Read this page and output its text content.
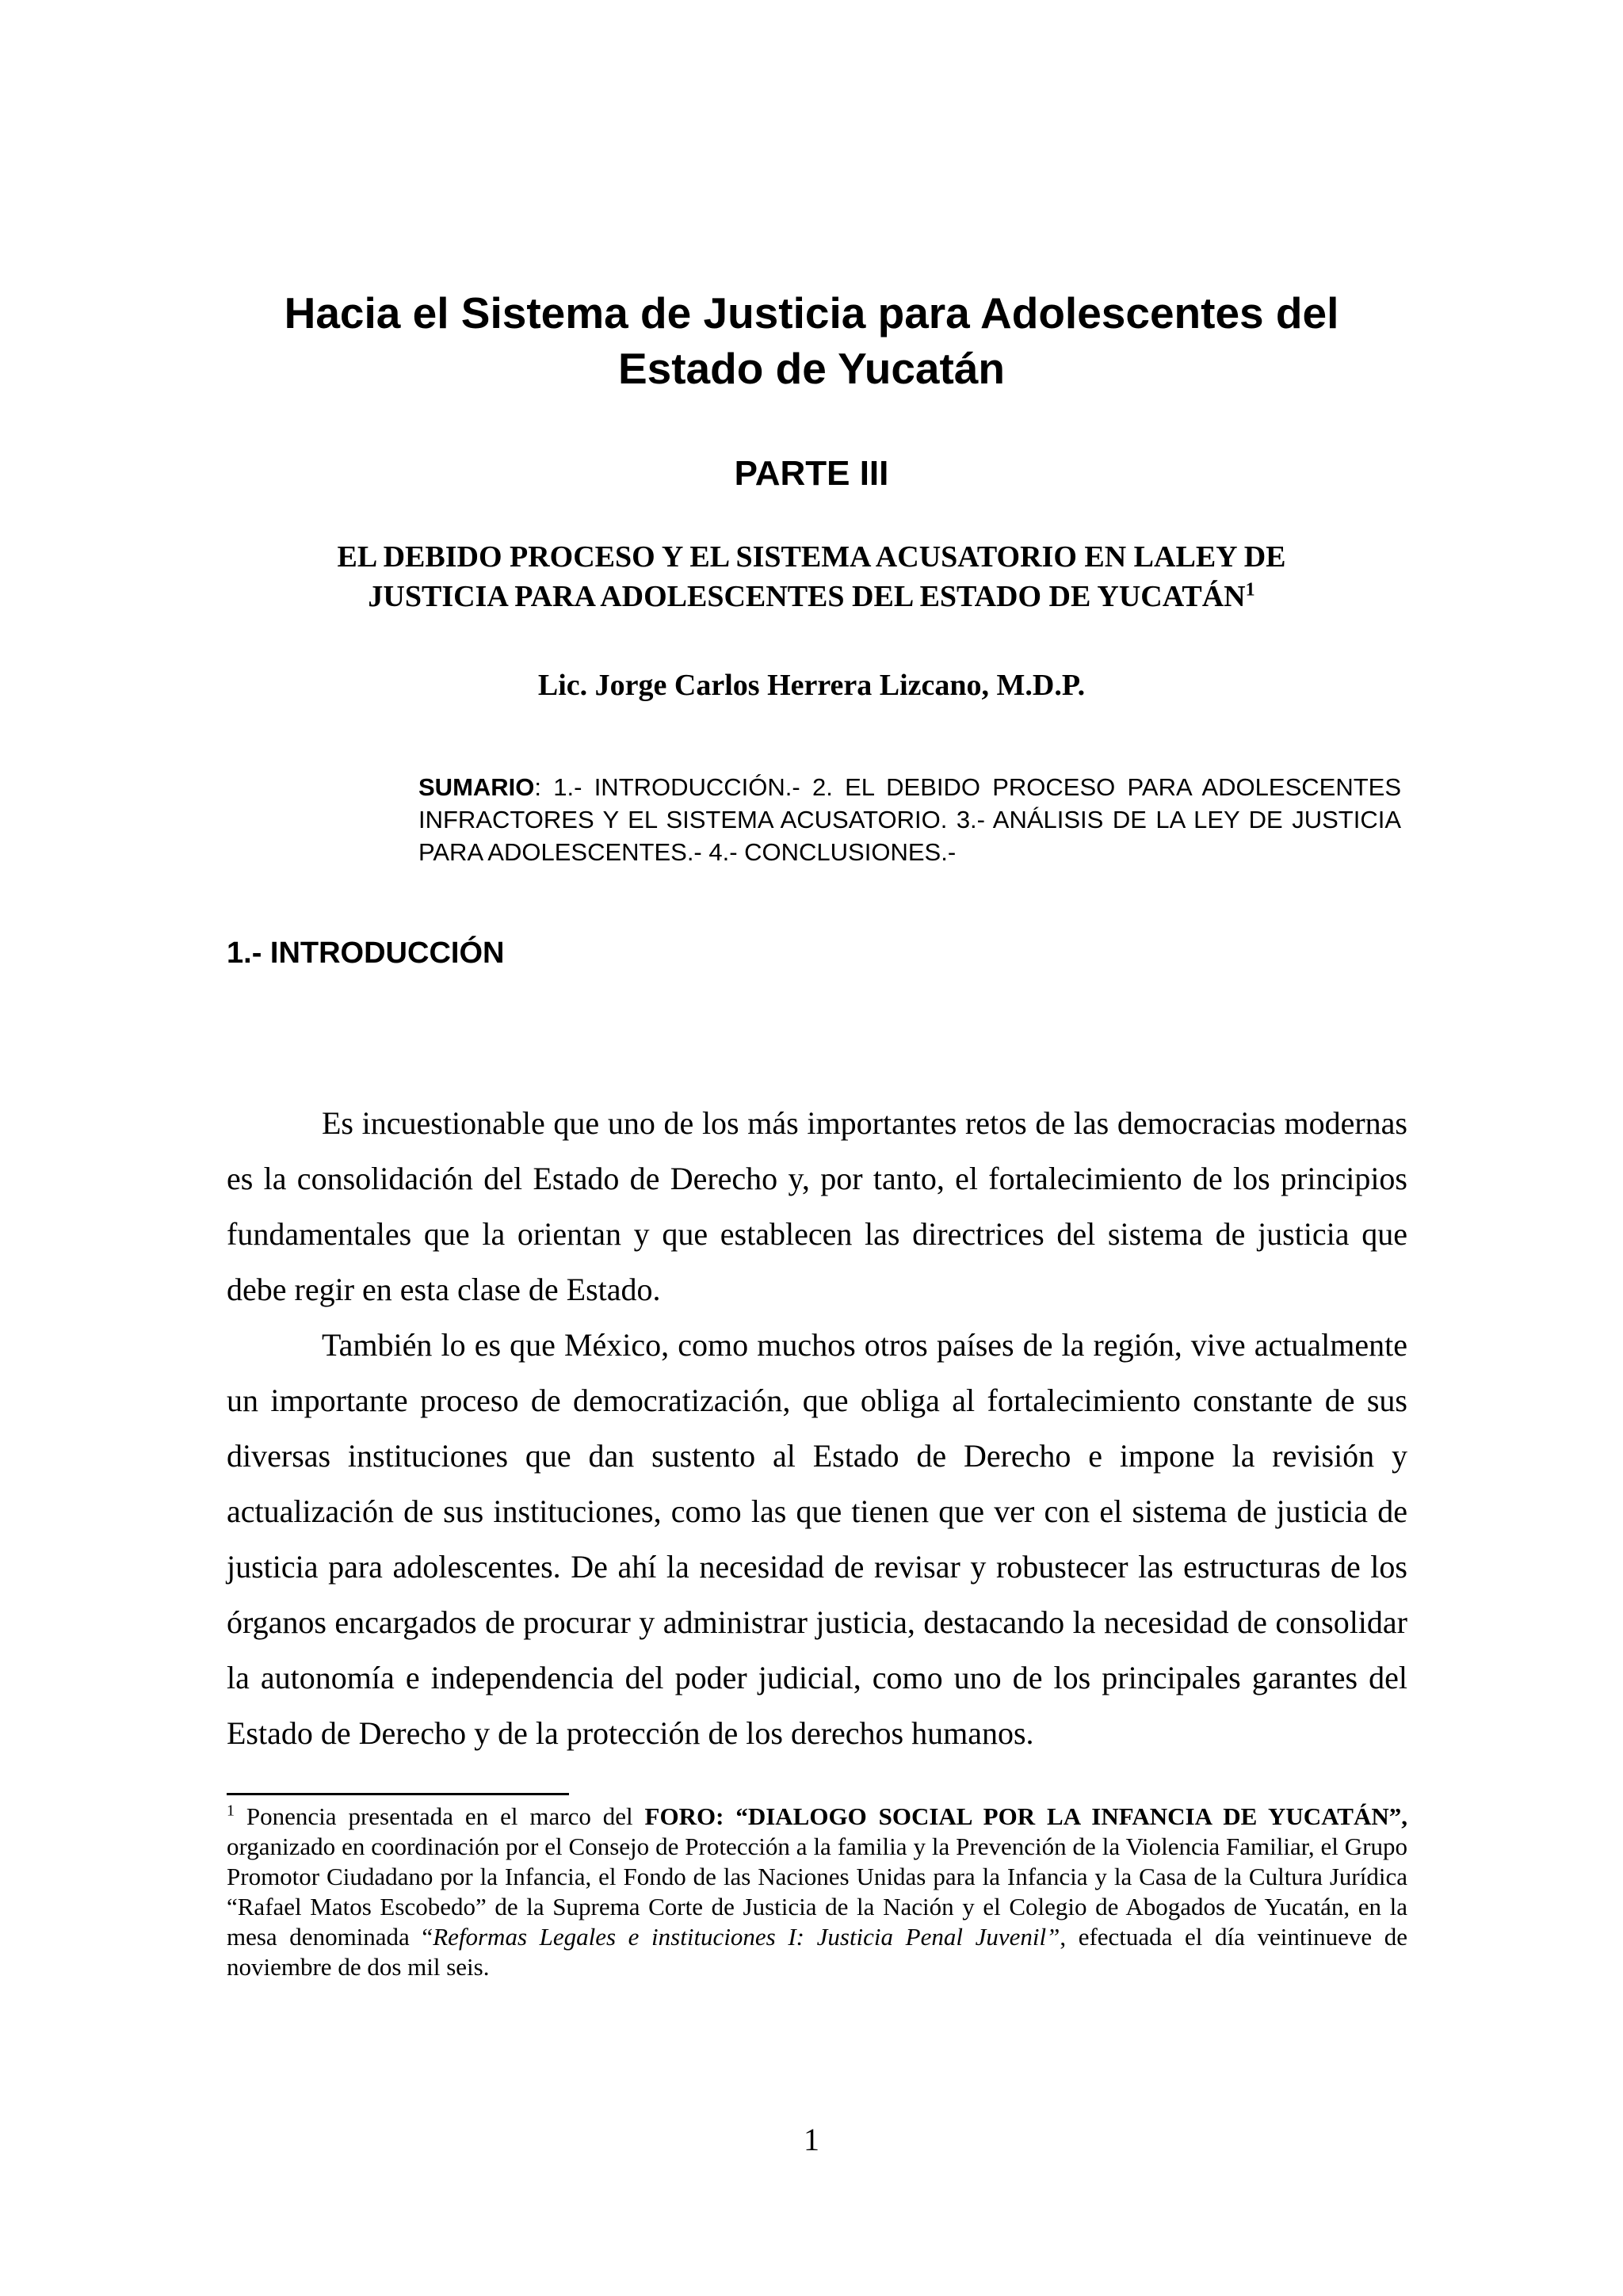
Hacia el Sistema de Justicia para Adolescentes del
Estado de Yucatán
PARTE III
EL DEBIDO PROCESO Y EL SISTEMA ACUSATORIO EN LALEY DE
JUSTICIA PARA ADOLESCENTES DEL ESTADO DE YUCATÁN$^1$
Lic. Jorge Carlos Herrera Lizcano, M.D.P.
SUMARIO: 1.- INTRODUCCIÓN.- 2. EL DEBIDO PROCESO PARA ADOLESCENTES INFRACTORES Y EL SISTEMA ACUSATORIO. 3.- ANÁLISIS DE LA LEY DE JUSTICIA PARA ADOLESCENTES.- 4.- CONCLUSIONES.-
1.- INTRODUCCIÓN

Es incuestionable que uno de los más importantes retos de las democracias modernas es la consolidación del Estado de Derecho y, por tanto, el fortalecimiento de los principios fundamentales que la orientan y que establecen las directrices del sistema de justicia que debe regir en esta clase de Estado.

También lo es que México, como muchos otros países de la región, vive actualmente un importante proceso de democratización, que obliga al fortalecimiento constante de sus diversas instituciones que dan sustento al Estado de Derecho e impone la revisión y actualización de sus instituciones, como las que tienen que ver con el sistema de justicia de justicia para adolescentes. De ahí la necesidad de revisar y robustecer las estructuras de los órganos encargados de procurar y administrar justicia, destacando la necesidad de consolidar la autonomía e independencia del poder judicial, como uno de los principales garantes del Estado de Derecho y de la protección de los derechos humanos.

$^1$ Ponencia presentada en el marco del FORO: “DIALOGO SOCIAL POR LA INFANCIA DE YUCATÁN”, organizado en coordinación por el Consejo de Protección a la familia y la Prevención de la Violencia Familiar, el Grupo Promotor Ciudadano por la Infancia, el Fondo de las Naciones Unidas para la Infancia y la Casa de la Cultura Jurídica “Rafael Matos Escobedo” de la Suprema Corte de Justicia de la Nación y el Colegio de Abogados de Yucatán, en la mesa denominada “Reformas Legales e instituciones I: Justicia Penal Juvenil”, efectuada el día veintinueve de noviembre de dos mil seis.
1
